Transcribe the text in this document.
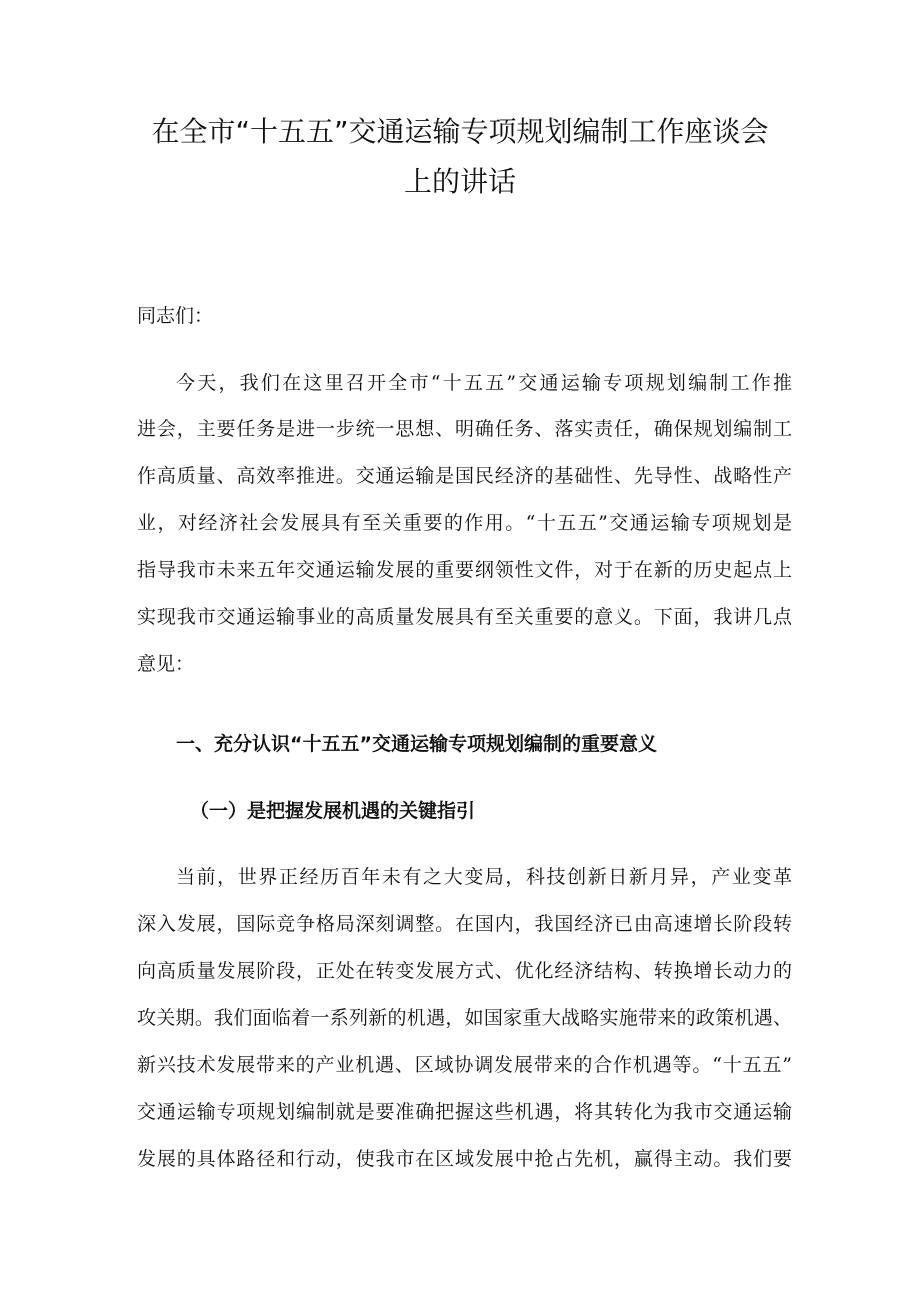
在全市“十五五”交通运输专项规划编制工作座谈会
上的讲话
同志们：
今天，我们在这里召开全市“十五五”交通运输专项规划编制工作推
进会，主要任务是进一步统一思想、明确任务、落实责任，确保规划编制工
作高质量、高效率推进。交通运输是国民经济的基础性、先导性、战略性产
业，对经济社会发展具有至关重要的作用。“十五五”交通运输专项规划是
指导我市未来五年交通运输发展的重要纲领性文件，对于在新的历史起点上
实现我市交通运输事业的高质量发展具有至关重要的意义。下面，我讲几点
意见：
一、充分认识“十五五”交通运输专项规划编制的重要意义
（一）是把握发展机遇的关键指引
当前，世界正经历百年未有之大变局，科技创新日新月异，产业变革
深入发展，国际竞争格局深刻调整。在国内，我国经济已由高速增长阶段转
向高质量发展阶段，正处在转变发展方式、优化经济结构、转换增长动力的
攻关期。我们面临着一系列新的机遇，如国家重大战略实施带来的政策机遇、
新兴技术发展带来的产业机遇、区域协调发展带来的合作机遇等。“十五五”
交通运输专项规划编制就是要准确把握这些机遇，将其转化为我市交通运输
发展的具体路径和行动，使我市在区域发展中抢占先机，赢得主动。我们要
